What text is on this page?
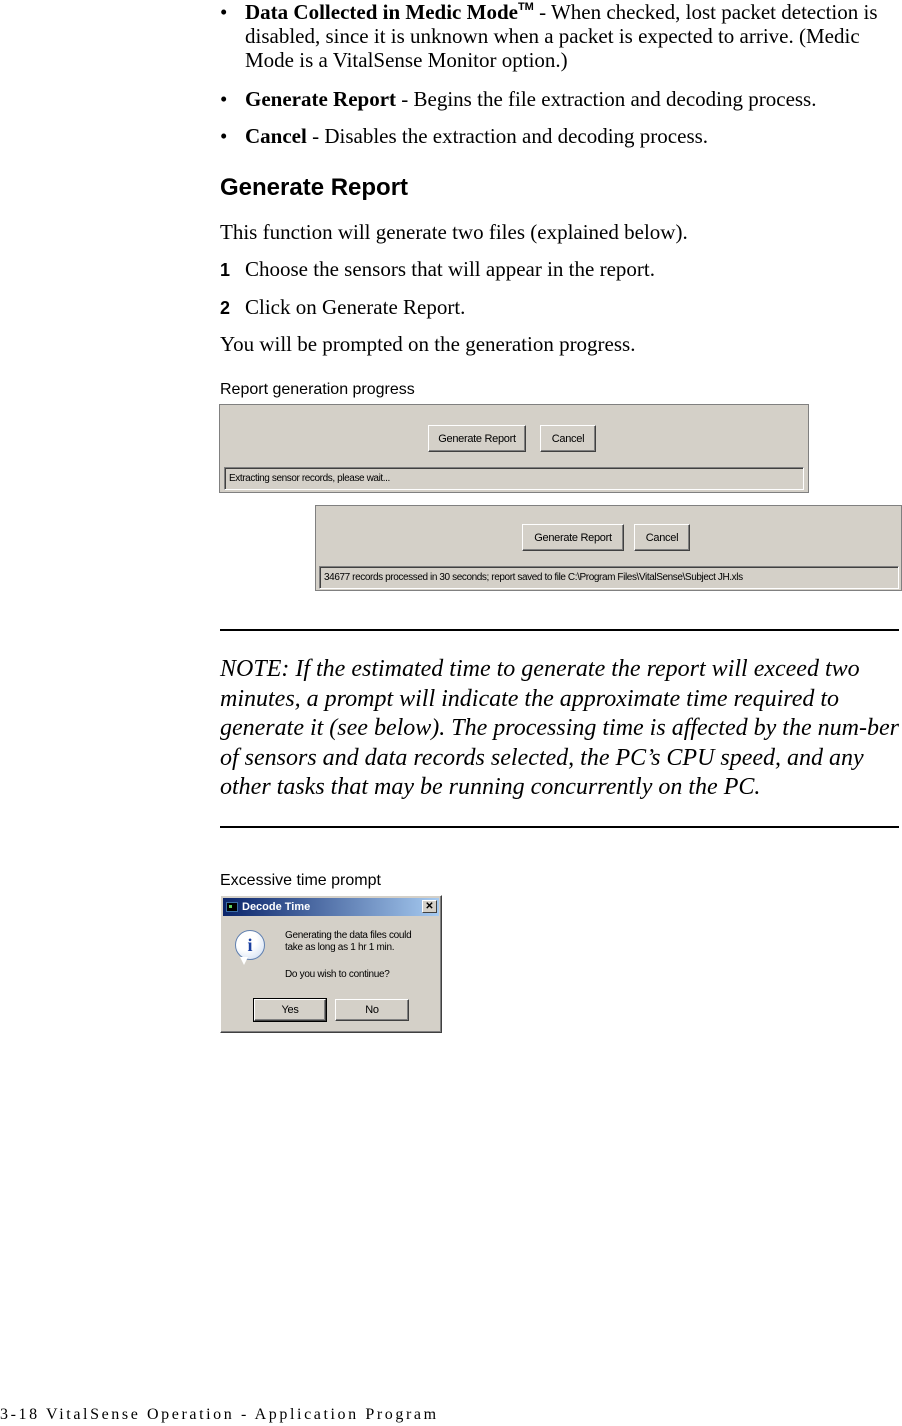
• Data Collected in Medic Mode™ - When checked, lost packet detection is disabled, since it is unknown when a packet is expected to arrive. (Medic Mode is a VitalSense Monitor option.)
• Generate Report - Begins the file extraction and decoding process.
• Cancel - Disables the extraction and decoding process.
Generate Report
This function will generate two files (explained below).
1 Choose the sensors that will appear in the report.
2 Click on Generate Report.
You will be prompted on the generation progress.
Report generation progress
Generate Report	Cancel
Extracting sensor records, please wait...
Generate Report	Cancel
34677 records processed in 30 seconds; report saved to file C:\Program Files\VitalSense\Subject JH.xls
NOTE: If the estimated time to generate the report will exceed two minutes, a prompt will indicate the approximate time required to generate it (see below). The processing time is affected by the num-ber of sensors and data records selected, the PC’s CPU speed, and any other tasks that may be running concurrently on the PC.
Excessive time prompt
Decode Time	✕
i	Generating the data files could
take as long as 1 hr 1 min.
Do you wish to continue?
Yes	No
3-18 VitalSense Operation - Application Program
